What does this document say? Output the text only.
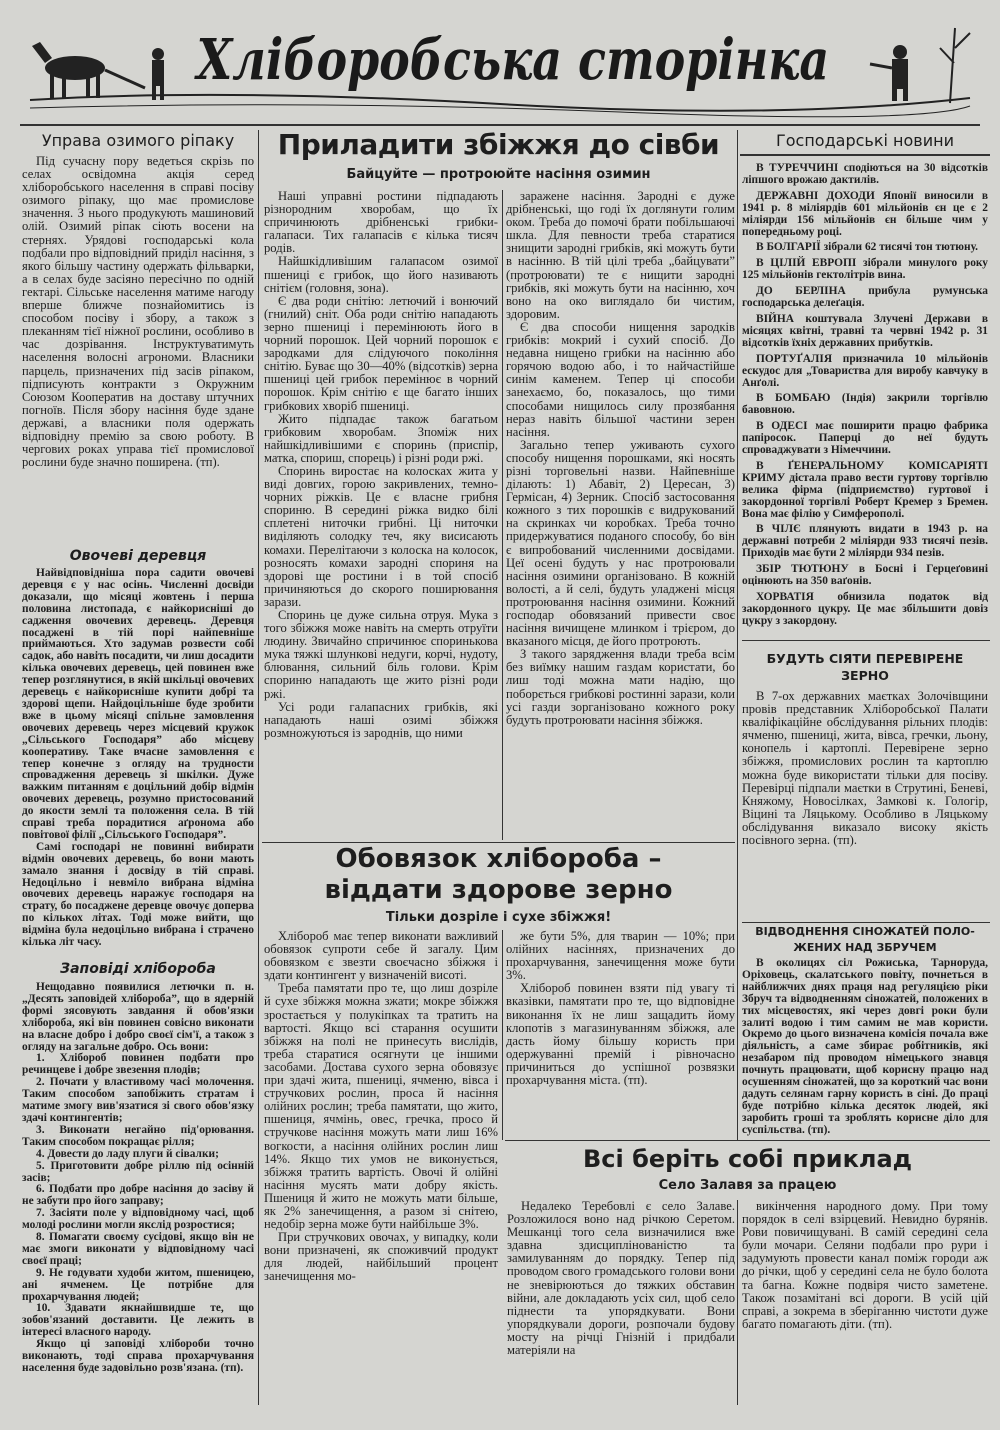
Хліборобська сторінка
Управа озимого ріпаку

Під сучасну пору ведеться скрізь по селах освідомна акція серед хліборобського населення в справі посіву озимого ріпаку, що має промислове значення. З нього продукують машиновий олій. Озимий ріпак сіють восени на стернях. Урядові господарські кола подбали про відповідний приділ насіння, з якого більшу частину одержать фільварки, а в селах буде засіяно пересічно по одній гектарі. Сільське населення матиме нагоду вперше ближче познайомитись із способом посіву і збору, а також з плеканням тієї ніжної рослини, особливо в час дозрівання. Інструктуватимуть населення волосні агрономи. Власники парцель, призначених під засів ріпаком, підписують контракти з Окружним Союзом Кооператив на доставу штучних погноїв. Після збору насіння буде здане державі, а власники поля одержать відповідну премію за свою роботу. В чергових роках управа тієї промислової рослини буде значно поширена. (тп).

Овочеві деревця

Найвідповідніша пора садити овочеві деревця є у нас осінь. Численні досвіди доказали, що місяці жовтень і перша половина листопада, є найкорисніші до садження овочевих деревець. Деревця посаджені в тій порі найпевніше приймаються. Хто задумав розвести собі садок, або навіть посадити, чи лиш досадити кілька овочевих деревець, цей повинен вже тепер розглянутися, в якій шкільці овочевих деревець є найкорисніше купити добрі та здорові щепи. Найдоцільніше буде зробити вже в цьому місяці спільне замовлення овочевих деревець через місцевий кружок „Сільського Господаря” або місцеву кооперативу. Таке вчасне замовлення є тепер конечне з огляду на трудности спровадження деревець зі шкілки. Дуже важким питанням є доцільний добір відмін овочевих деревець, розумно пристосований до якости землі та положення села. В тій справі треба порадитися аґронома або повітової філії „Сільського Господаря”.

Самі господарі не повинні вибирати відмін овочевих деревець, бо вони мають замало знання і досвіду в тій справі. Недоцільно і невміло вибрана відміна овочевих деревець наражує господаря на страту, бо посаджене деревце овочує доперва по кількох літах. Тоді може вийти, що відміна була недоцільно вибрана і страчено кілька літ часу.

Заповіді хлібороба

Нещодавно появилися летючки п. н. „Десять заповідей хлібороба”, що в ядерній формі зясовують завдання й обов'язки хлібороба, які він повинен совісно виконати на власне добро і добро своєї сім'ї, а також з огляду на загальне добро. Ось вони:

1. Хлібороб повинен подбати про речинцеве і добре звезення плодів;

2. Почати у властивому часі молочення. Таким способом запобіжить стратам і матиме змогу вив'язатися зі свого обов'язку здачі контингентів;

3. Виконати негайно під'орювання. Таким способом покращає рілля;

4. Довести до ладу плуги й сівалки;

5. Приготовити добре ріллю під осінній засів;

6. Подбати про добре насіння до засіву й не забути про його заправу;

7. Засіяти поле у відповідному часі, щоб молоді рослини могли якслід розростися;

8. Помагати своєму сусідові, якщо він не має змоги виконати у відповідному часі своєї праці;

9. Не годувати худоби житом, пшеницею, ані ячменем. Це потрібне для прохарчування людей;

10. Здавати якнайшвидше те, що зобов'язаний доставити. Це лежить в інтересі власного народу.

Якщо ці заповіді хлібороби точно виконають, тоді справа прохарчування населення буде задовільно розв'язана. (тп).

Приладити збіжжя до сівби
Байцуйте — протроюйте насіння озимин

Наші управні ростини підпадають різнородним хворобам, що їх спричинюють дрібненські грибки-галапаси. Тих галапасів є кілька тисяч родів.

Найшкідливішим галапасом озимої пшениці є грибок, що його називають снітієм (головня, зона).

Є два роди снітію: летючий і вонючий (гнилий) сніт. Оба роди снітію нападають зерно пшениці і перемінюють його в чорний порошок. Цей чорний порошок є зародками для слідуючого покоління снітію. Буває що 30—40% (відсотків) зерна пшениці цей грибок перемінює в чорний порошок. Крім снітію є ще багато інших грибкових хворіб пшениці.

Жито підпадає також багатьом грибковим хворобам. Зпоміж них найшкідливішими є споринь (приспір, матка, спориш, спорець) і різні роди ржі.

Споринь виростає на колосках жита у виді довгих, горою закривлених, темно-чорних ріжків. Це є власне грибня спориню. В середині ріжка видко білі сплетені ниточки грибні. Ці ниточки виділяють солодку теч, яку висисають комахи. Перелітаючи з колоска на колосок, розносять комахи зародні спориня на здорові ще ростини і в той спосіб причиняються до скорого поширювання зарази.

Споринь це дуже сильна отруя. Мука з того збіжжя може навіть на смерть отруїти людину. Звичайно спричинює споринькова мука тяжкі шлункові недуги, корчі, нудоту, блювання, сильний біль голови. Крім спориню нападають ще жито різні роди ржі.

Усі роди галапасних грибків, які нападають наші озимі збіжжя розмножуються із зароднів, що ними

заражене насіння. Зародні є дуже дрібненські, що годі їх доглянути голим оком. Треба до помочі брати побільшаючі шкла. Для певности треба старатися знищити зародні грибків, які можуть бути в насінню. В тій цілі треба „байцувати” (протроювати) те є нищити зародні грибків, які можуть бути на насінню, хоч воно на око виглядало би чистим, здоровим.

Є два способи нищення зародків грибків: мокрий і сухий спосіб. До недавна нищено грибки на насінню або горячою водою або, і то найчастійше синім каменем. Тепер ці способи занехаємо, бо, показалось, що тими способами нищилось силу прозябання нераз навіть більшої частини зерен насіння.

Загально тепер уживають сухого способу нищення порошками, які носять різні торговельні назви. Найпевніше ділають: 1) Абавіт, 2) Цересан, 3) Гермісан, 4) Зерник. Спосіб застосовання кожного з тих порошків є видрукований на скринках чи коробках. Треба точно придержуватися поданого способу, бо він є випробований численними досвідами. Цеї осені будуть у нас протроювали насіння озимини організовано. В кожній волості, а й селі, будуть уладжені місця протроювання насіння озимини. Кожний господар обовязаний привести своє насіння вичищене млинком і трієром, до вказаного місця, де його протроють.

З такого зарядження влади треба всім без виїмку нашим газдам користати, бо лиш тоді можна мати надію, що поборється грибкові ростинні зарази, коли усі газди зорганізовано кожного року будуть протроювати насіння збіжжя.

Обовязок хлібороба –
віддати здорове зерно
Тільки дозріле і сухе збіжжя!

Хлібороб має тепер виконати важливий обовязок супроти себе й загалу. Цим обовязком є звезти своєчасно збіжжя і здати контингент у визначеній висоті.

Треба памятати про те, що лиш дозріле й сухе збіжжя можна зжати; мокре збіжжя зростається у полукіпках та тратить на вартості. Якщо всі старання осушити збіжжя на полі не принесуть вислідів, треба старатися осягнути це іншими засобами. Достава сухого зерна обовязує при здачі жита, пшениці, ячменю, вівса і стручкових рослин, проса й насіння олійних рослин; треба памятати, що жито, пшениця, ячмінь, овес, гречка, просо й стручкове насіння можуть мати лиш 16% вогкости, а насіння олійних рослин лиш 14%. Якщо тих умов не виконується, збіжжя тратить вартість. Овочі й олійні насіння мусять мати добру якість. Пшениця й жито не можуть мати більше, як 2% занечищення, а разом зі снітею, недобір зерна може бути найбільше 3%.

При стручкових овочах, у випадку, коли вони призначені, як споживчий продукт для людей, найбільший процент занечищення мо-

же бути 5%, для тварин — 10%; при олійних насіннях, призначених до прохарчування, занечищення може бути 3%.

Хлібороб повинен взяти під увагу ті вказівки, памятати про те, що відповідне виконання їх не лиш защадить йому клопотів з магазинуванням збіжжя, але дасть йому більшу користь при одержуванні премій і рівночасно причиниться до успішної розвязки прохарчування міста. (тп).

Всі беріть собі приклад
Село Залавя за працею

Недалеко Теребовлі є село Залаве. Розложилося воно над річкою Серетом. Мешканці того села визначилися вже здавна здисциплінованістю та замилуванням до порядку. Тепер під проводом свого громадського голови вони не зневірюються до тяжких обставин війни, але докладають усіх сил, щоб село піднести та упорядкувати. Вони упорядкували дороги, розпочали будову мосту на річці Гнізній і придбали матеріяли на

викінчення народного дому. При тому порядок в селі взірцевий. Невидно бурянів. Рови повичищувані. В самій середині села були мочари. Селяни подбали про рури і задумують провести канал поміж городи аж до річки, щоб у середині села не було болота та багна. Кожне подвіря чисто заметене. Також позамітані всі дороги. В усій цій справі, а зокрема в зберіганню чистоти дуже багато помагають діти. (тп).

Господарські новини

В ТУРЕЧЧИНІ сподіються на 30 відсотків ліпшого врожаю дактилів.

ДЕРЖАВНІ ДОХОДИ Японії виносили в 1941 р. 8 міліярдів 601 мільйонів єн це є 2 міліярди 156 мільйонів єн більше чим у попередньому році.

В БОЛГАРІЇ зібрали 62 тисячі тон тютюну.

В ЦІЛІЙ ЕВРОПІ зібрали минулого року 125 мільйонів гектолітрів вина.

ДО БЕРЛІНА прибула румунська господарська делеґація.

ВІЙНА коштувала Злучені Держави в місяцях квітні, травні та червні 1942 р. 31 відсотків їхніх державних прибутків.

ПОРТУҐАЛІЯ призначила 10 мільйонів ескудос для „Товариства для виробу кавчуку в Анґолі.

В БОМБАЮ (Індія) закрили торгівлю бавовною.

В ОДЕСІ має поширити працю фабрика папіросок. Паперці до неї будуть спроваджувати з Німеччини.

В ҐЕНЕРАЛЬНОМУ КОМІСАРІЯТІ КРИМУ дістала право вести гуртову торгівлю велика фірма (підприємство) гуртової і закордонної торгівлі Роберт Кремер з Бремен. Вона має філію у Симферополі.

В ЧІЛЄ плянують видати в 1943 р. на державні потреби 2 міліярди 933 тисячі пезів. Приходів має бути 2 міліярди 934 пезів.

ЗБІР ТЮТЮНУ в Босні і Герцеґовині оцінюють на 350 ваґонів.

ХОРВАТІЯ обнизила податок від закордонного цукру. Це має збільшити довіз цукру з закордону.

БУДУТЬ СІЯТИ ПЕРЕВІРЕНЕ
ЗЕРНО

В 7-ох державних маєтках Золочівщини провів представник Хліборобської Палати кваліфікаційне обслідування рільних плодів: ячменю, пшениці, жита, вівса, гречки, льону, конопель і картоплі. Перевірене зерно збіжжя, промислових рослин та картоплю можна буде використати тільки для посіву. Перевірці підпали маєтки в Струтині, Беневі, Княжому, Новосілках, Замкові к. Гологір, Віцині та Ляцькому. Особливо в Ляцькому обслідування виказало високу якість посівного зерна. (тп).

ВІДВОДНЕННЯ СІНОЖАТЕЙ ПОЛО-
ЖЕНИХ НАД ЗБРУЧЕМ

В околицях сіл Рожиська, Тарноруда, Оріховець, скалатського повіту, почнеться в найближчих днях праця над регуляцією ріки Збруч та відводненням сіножатей, положених в тих місцевостях, які через довгі роки були залиті водою і тим самим не мав користи. Окремо до цього визначена комісія почала вже діяльність, а саме збирає робітників, які незабаром під проводом німецького знавця почнуть працювати, щоб корисну працю над осушенням сіножатей, що за короткий час вони дадуть селянам гарну користь в сіні. До праці буде потрібно кілька десяток людей, які заробить гроші та зроблять корисне діло для суспільства. (тп).
